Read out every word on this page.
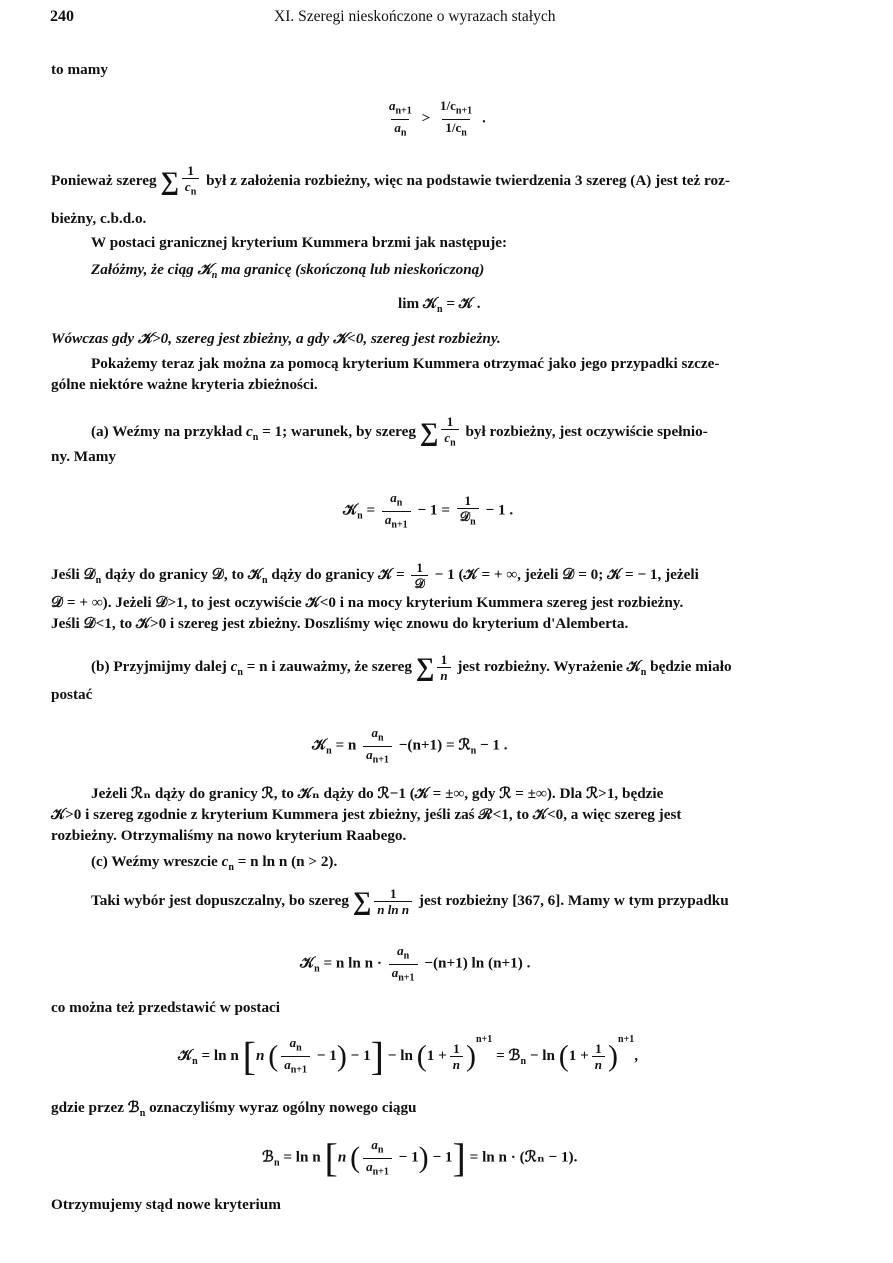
240	XI. Szeregi nieskończone o wyrazach stałych
to mamy
$\frac{a_{n+1}}{a_n} > \frac{1/c_{n+1}}{1/c_n}$ .
Ponieważ szereg ∑ $\frac{1}{c_n}$ był z założenia rozbieżny, więc na podstawie twierdzenia 3 szereg (A) jest też roz-
bieżny, c.b.d.o.
W postaci granicznej kryterium Kummera brzmi jak następuje:
Załóżmy, że ciąg 𝒦$_n$ ma granicę (skończoną lub nieskończoną)
lim 𝒦$_n$ = 𝒦 .
Wówczas gdy 𝒦>0, szereg jest zbieżny, a gdy 𝒦<0, szereg jest rozbieżny.
Pokażemy teraz jak można za pomocą kryterium Kummera otrzymać jako jego przypadki szcze-
gólne niektóre ważne kryteria zbieżności.
(a) Weźmy na przykład $c_n = 1$; warunek, by szereg ∑ $\frac{1}{c_n}$ był rozbieżny, jest oczywiście spełnio-
ny. Mamy
𝒦$_n$ = $\frac{a_n}{a_{n+1}} - 1 = \frac{1}{𝒟_n} - 1$ .
Jeśli 𝒟$_n$ dąży do granicy 𝒟, to 𝒦$_n$ dąży do granicy 𝒦 = $\frac{1}{\text{𝒟}} - 1$ (𝒦 = + ∞, jeżeli 𝒟 = 0; 𝒦 = − 1, jeżeli
𝒟 = + ∞). Jeżeli 𝒟>1, to jest oczywiście 𝒦<0 i na mocy kryterium Kummera szereg jest rozbieżny.
Jeśli 𝒟<1, to 𝒦>0 i szereg jest zbieżny. Doszliśmy więc znowu do kryterium d'Alemberta.
(b) Przyjmijmy dalej $c_n = n$ i zauważmy, że szereg ∑ $\frac{1}{n}$ jest rozbieżny. Wyrażenie 𝒦$_n$ będzie miało
postać
𝒦$_n$ = n $\frac{a_n}{a_{n+1}} -(n+1)$ = ℛ$_n$ − 1 .
Jeżeli ℛₙ dąży do granicy ℛ, to 𝒦ₙ dąży do ℛ−1 (𝒦 = ±∞, gdy ℛ = ±∞). Dla ℛ>1, będzie
𝒦>0 i szereg zgodnie z kryterium Kummera jest zbieżny, jeśli zaś ℛ<1, to 𝒦<0, a więc szereg jest
rozbieżny. Otrzymaliśmy na nowo kryterium Raabego.
(c) Weźmy wreszcie $c_n = n$ ln n (n > 2).
Taki wybór jest dopuszczalny, bo szereg ∑ $\frac{1}{\text{n ln n}}$ jest rozbieżny [367, 6]. Mamy w tym przypadku
𝒦$_n$ = n $\ln n \cdot \frac{a_n}{a_{n+1}} -(n+1)$ ln (n+1) .
co można też przedstawić w postaci
𝒦$_n$ = ln n [n ( $\frac{a_n}{a_{n+1}} - 1) - 1] - \ln (1 + \frac{1}{n} )^{n+1}$ = ℬ$_n$ − $\ln (1 + \frac{1}{n} )^{n+1}$,
gdzie przez ℬ$_n$ oznaczyliśmy wyraz ogólny nowego ciągu
ℬ$_n$ = ln n [n ( $\frac{a_n}{a_{n+1}} - 1) - 1] = \ln n$ · (ℛₙ − 1).
Otrzymujemy stąd nowe kryterium
